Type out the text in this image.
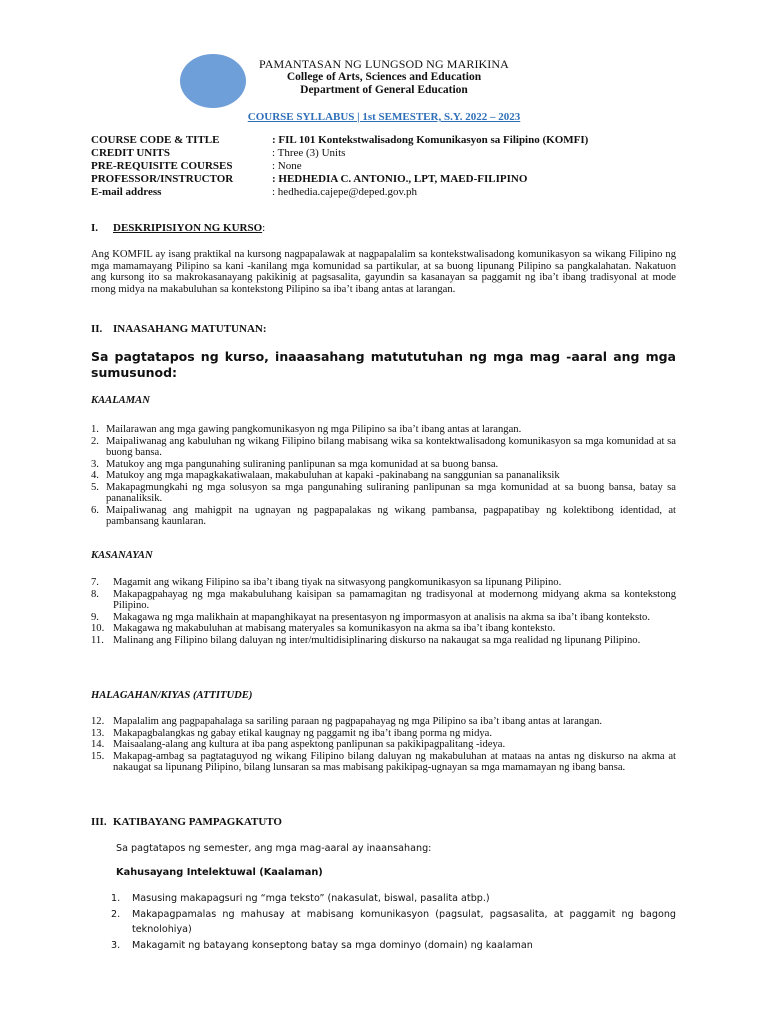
PAMANTASAN NG LUNGSOD NG MARIKINA
College of Arts, Sciences and Education
Department of General Education
COURSE SYLLABUS | 1st SEMESTER, S.Y. 2022 – 2023
COURSE CODE & TITLE	: FIL 101 Kontekstwalisadong Komunikasyon sa Filipino (KOMFI)
CREDIT UNITS	: Three (3) Units
PRE-REQUISITE COURSES	: None
PROFESSOR/INSTRUCTOR	: HEDHEDIA C. ANTONIO., LPT, MAED-FILIPINO
E-mail address	: hedhedia.cajepe@deped.gov.ph
I. DESKRIPISIYON NG KURSO:
Ang KOMFIL ay isang praktikal na kursong nagpapalawak at nagpapalalim sa kontekstwalisadong komunikasyon sa wikang Filipino ng mga mamamayang Pilipino sa kani -kanilang mga komunidad sa partikular, at sa buong lipunang Pilipino sa pangkalahatan. Nakatuon ang kursong ito sa makrokasanayang pakikinig at pagsasalita, gayundin sa kasanayan sa paggamit ng iba’t ibang tradisyonal at mode rnong midya na makabuluhan sa kontekstong Pilipino sa iba’t ibang antas at larangan.
II. INAASAHANG MATUTUNAN:
Sa pagtatapos ng kurso, inaaasahang matututuhan ng mga mag -aaral ang mga sumusunod:
KAALAMAN
1. Mailarawan ang mga gawing pangkomunikasyon ng mga Pilipino sa iba’t ibang antas at larangan.
2. Maipaliwanag ang kabuluhan ng wikang Filipino bilang mabisang wika sa kontektwalisadong komunikasyon sa mga komunidad at sa buong bansa.
3. Matukoy ang mga pangunahing suliraning panlipunan sa mga komunidad at sa buong bansa.
4. Matukoy ang mga mapagkakatiwalaan, makabuluhan at kapaki -pakinabang na sanggunian sa pananaliksik
5. Makapagmungkahi ng mga solusyon sa mga pangunahing suliraning panlipunan sa mga komunidad at sa buong bansa, batay sa pananaliksik.
6. Maipaliwanag ang mahigpit na ugnayan ng pagpapalakas ng wikang pambansa, pagpapatibay ng kolektibong identidad, at pambansang kaunlaran.
KASANAYAN
7. Magamit ang wikang Filipino sa iba’t ibang tiyak na sitwasyong pangkomunikasyon sa lipunang Pilipino.
8. Makapagpahayag ng mga makabuluhang kaisipan sa pamamagitan ng tradisyonal at modernong midyang akma sa kontekstong Pilipino.
9. Makagawa ng mga malikhain at mapanghikayat na presentasyon ng impormasyon at analisis na akma sa iba’t ibang konteksto.
10. Makagawa ng makabuluhan at mabisang materyales sa komunikasyon na akma sa iba’t ibang konteksto.
11. Malinang ang Filipino bilang daluyan ng inter/multidisiplinaring diskurso na nakaugat sa mga realidad ng lipunang Pilipino.
HALAGAHAN/KIYAS (ATTITUDE)
12. Mapalalim ang pagpapahalaga sa sariling paraan ng pagpapahayag ng mga Pilipino sa iba’t ibang antas at larangan.
13. Makapagbalangkas ng gabay etikal kaugnay ng paggamit ng iba’t ibang porma ng midya.
14. Maisaalang-alang ang kultura at iba pang aspektong panlipunan sa pakikipagpalitang -ideya.
15. Makapag-ambag sa pagtataguyod ng wikang Filipino bilang daluyan ng makabuluhan at mataas na antas ng diskurso na akma at nakaugat sa lipunang Pilipino, bilang lunsaran sa mas mabisang pakikipag-ugnayan sa mga mamamayan ng ibang bansa.
III. KATIBAYANG PAMPAGKATUTO
Sa pagtatapos ng semester, ang mga mag-aaral ay inaansahang:
Kahusayang Intelektuwal (Kaalaman)
1. Masusing makapagsuri ng “mga teksto” (nakasulat, biswal, pasalita atbp.)
2. Makapagpamalas ng mahusay at mabisang komunikasyon (pagsulat, pagsasalita, at paggamit ng bagong teknolohiya)
3. Makagamit ng batayang konseptong batay sa mga dominyo (domain) ng kaalaman
